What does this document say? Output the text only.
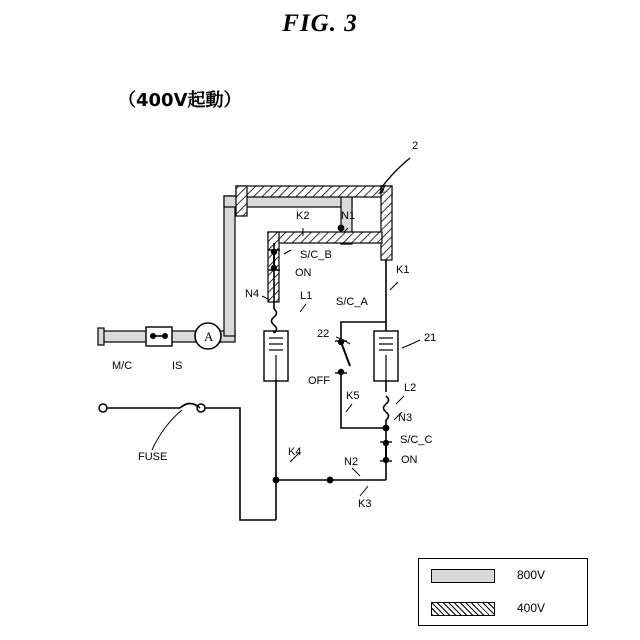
FIG. 3
（400V起動）
2
21
22
K1
K2
K3
K4
K5
N1
N2
N3
N4	L1
L2
S/C_A
S/C_B
S/C_C
ON
ON
OFF
M/C	IS
FUSE
A
800V
400V
